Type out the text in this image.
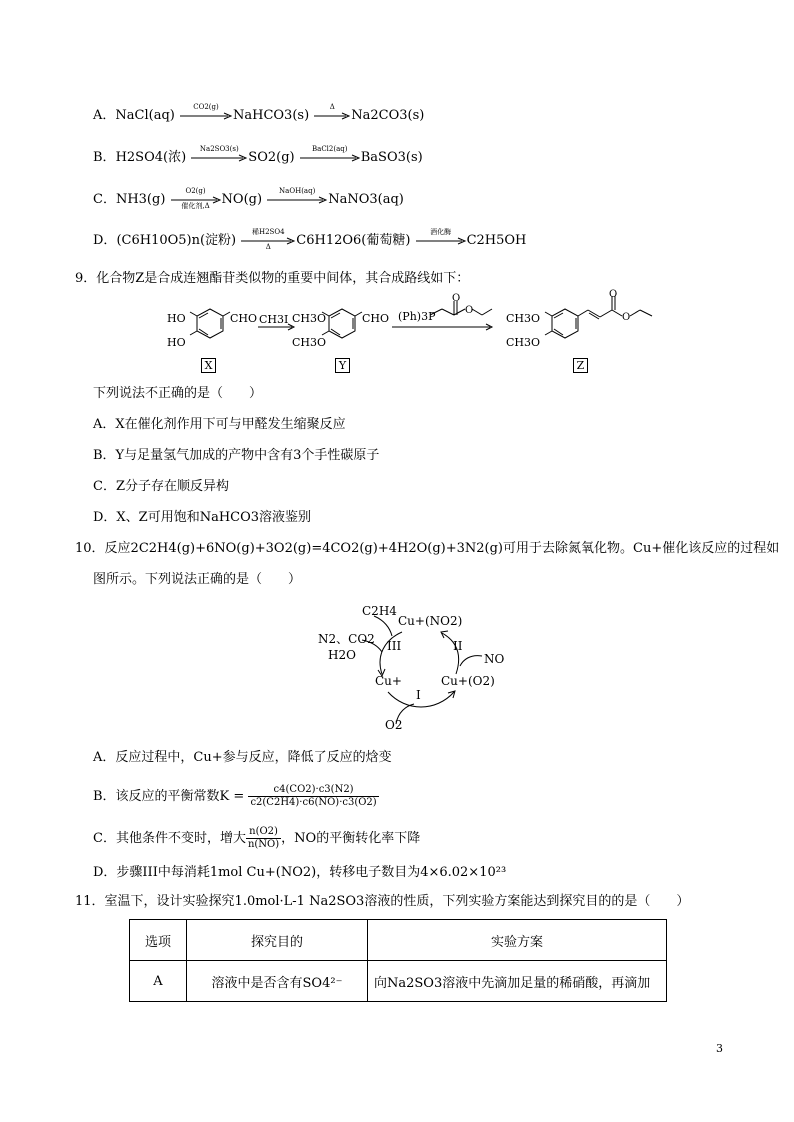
A．NaCl(aq)
CO2(g)
NaHCO3(s)
Δ
Na2CO3(s)
B．H2SO4(浓)
Na2SO3(s)
SO2(g)
BaCl2(aq)
BaSO3(s)
C．NH3(g)
O2(g)
催化剂,Δ NO(g)
NaOH(aq)
NaNO3(aq)
D．(C6H10O5)n(淀粉)
稀H2SO4
Δ	C6H12O6(葡萄糖)
酒化酶
C2H5OH
9．化合物Z是合成连翘酯苷类似物的重要中间体，其合成路线如下：
O
O
O
O
HO
HO
CHO CH3I CH3O
CH3O
CHO (Ph)3P	CH3O
CH3O
X	Y	Z
下列说法不正确的是（　　）
A．X在催化剂作用下可与甲醛发生缩聚反应
B．Y与足量氢气加成的产物中含有3个手性碳原子
C．Z分子存在顺反异构
D．X、Z可用饱和NaHCO3溶液鉴别
10．反应2C2H4(g)+6NO(g)+3O2(g)=4CO2(g)+4H2O(g)+3N2(g)可用于去除氮氧化物。Cu+催化该反应的过程如
图所示。下列说法正确的是（　　）
C2H4
Cu+(NO2)
N2、CO2
H2O
III	II
NO
Cu+	Cu+(O2)
I
O2
A．反应过程中，Cu+参与反应，降低了反应的焓变
B．该反应的平衡常数$K = \frac{c4(CO2)\cdot c3(N2)}{c2(C2H4)\cdot c6(NO)\cdot c3(O2)}$
C．其他条件不变时，增大 $\frac{n(O2)}{n(NO)}$ ，NO的平衡转化率下降
D．步骤III中每消耗1mol Cu+(NO2)，转移电子数目为4×6.02×10²³
11．室温下，设计实验探究1.0mol·L-1 Na2SO3溶液的性质，下列实验方案能达到探究目的的是（　　）
选项	探究目的	实验方案
A	溶液中是否含有SO4²⁻	向Na2SO3溶液中先滴加足量的稀硝酸，再滴加
3
